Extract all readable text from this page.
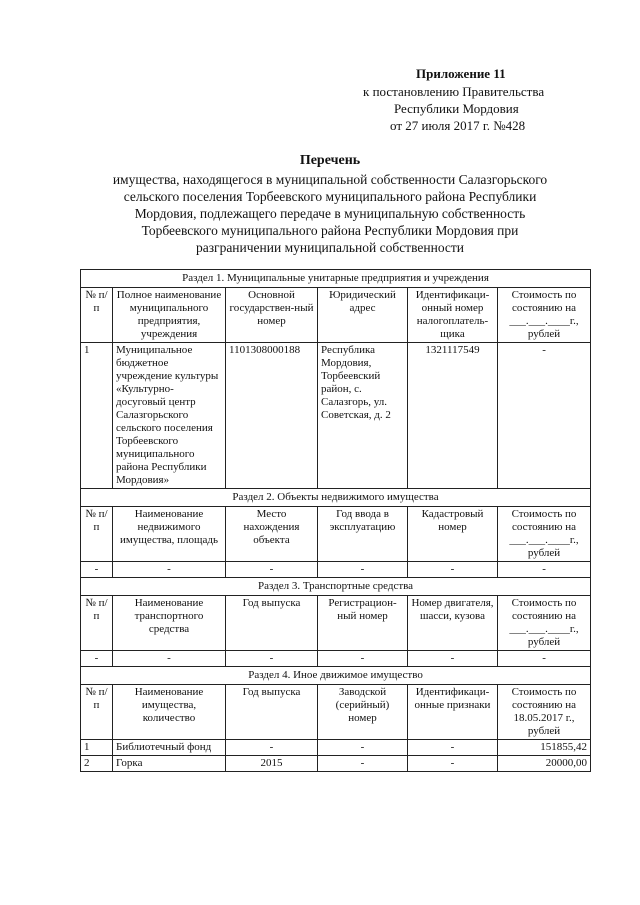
Приложение 11
к постановлению Правительства
Республики Мордовия
от 27 июля 2017 г. №428
Перечень
имущества, находящегося в муниципальной собственности Салазгорьского
сельского поселения Торбеевского муниципального района Республики
Мордовия, подлежащего передаче в муниципальную собственность
Торбеевского муниципального района Республики Мордовия при
разграничении муниципальной собственности
Раздел 1. Муниципальные унитарные предприятия и учреждения					
№ п/п	Полное наименование муниципального предприятия, учреждения	Основной государствен-ный номер	Юридический адрес	Идентификаци-онный номер налогоплатель-щика	Стоимость по состоянию на ___.___.____г., рублей
1	Муниципальное бюджетное учреждение культуры «Культурно-досуговый центр Салазгорьского сельского поселения Торбеевского муниципального района Республики Мордовия»	1101308000188	Республика Мордовия, Торбеевский район, с. Салазгорь, ул. Советская, д. 2	1321117549	-
Раздел 2. Объекты недвижимого имущества					
№ п/п	Наименование недвижимого имущества, площадь	Место нахождения объекта	Год ввода в эксплуатацию	Кадастровый номер	Стоимость по состоянию на ___.___.____г., рублей
-	-	-	-	-	-
Раздел 3. Транспортные средства					
№ п/п	Наименование транспортного средства	Год выпуска	Регистрацион-ный номер	Номер двигателя, шасси, кузова	Стоимость по состоянию на ___.___.____г., рублей
-	-	-	-	-	-
Раздел 4. Иное движимое имущество					
№ п/п	Наименование имущества, количество	Год выпуска	Заводской (серийный) номер	Идентификаци-онные признаки	Стоимость по состоянию на 18.05.2017 г., рублей
1	Библиотечный фонд	-	-	-	151855,42
2	Горка	2015	-	-	20000,00
